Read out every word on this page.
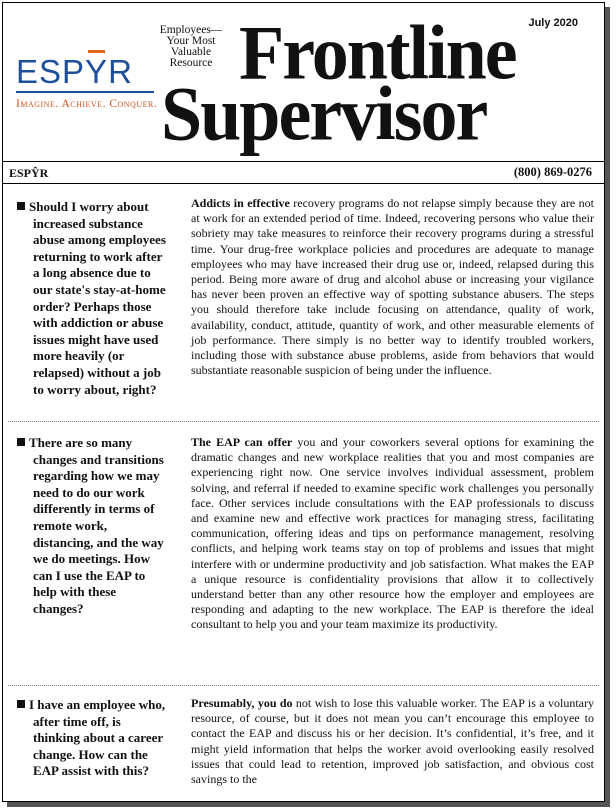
ESPYR
Imagine. Achieve. Conquer.
Employees—
Your Most
Valuable
Resource
July 2020
Frontline
Supervisor
ESPŶR	(800) 869-0276
Should I worry about increased substance abuse among employees returning to work after a long absence due to our state's stay-at-home order? Perhaps those with addiction or abuse issues might have used more heavily (or relapsed) without a job to worry about, right?
Addicts in effective recovery programs do not relapse simply because they are not at work for an extended period of time. Indeed, recovering persons who value their sobriety may take measures to reinforce their recovery programs during a stressful time. Your drug-free workplace policies and procedures are adequate to manage employees who may have increased their drug use or, indeed, relapsed during this period. Being more aware of drug and alcohol abuse or increasing your vigilance has never been proven an effective way of spotting substance abusers. The steps you should therefore take include focusing on attendance, quality of work, availability, conduct, attitude, quantity of work, and other measurable elements of job performance. There simply is no better way to identify troubled workers, including those with substance abuse problems, aside from behaviors that would substantiate reasonable suspicion of being under the influence.
There are so many changes and transitions regarding how we may need to do our work differently in terms of remote work, distancing, and the way we do meetings. How can I use the EAP to help with these changes?
The EAP can offer you and your coworkers several options for examining the dramatic changes and new workplace realities that you and most companies are experiencing right now. One service involves individual assessment, problem solving, and referral if needed to examine specific work challenges you personally face. Other services include consultations with the EAP professionals to discuss and examine new and effective work practices for managing stress, facilitating communication, offering ideas and tips on performance management, resolving conflicts, and helping work teams stay on top of problems and issues that might interfere with or undermine productivity and job satisfaction. What makes the EAP a unique resource is confidentiality provisions that allow it to collectively understand better than any other resource how the employer and employees are responding and adapting to the new workplace. The EAP is therefore the ideal consultant to help you and your team maximize its productivity.
I have an employee who, after time off, is thinking about a career change. How can the EAP assist with this?
Presumably, you do not wish to lose this valuable worker. The EAP is a voluntary resource, of course, but it does not mean you can’t encourage this employee to contact the EAP and discuss his or her decision. It’s confidential, it’s free, and it might yield information that helps the worker avoid overlooking easily resolved issues that could lead to retention, improved job satisfaction, and obvious cost savings to the
